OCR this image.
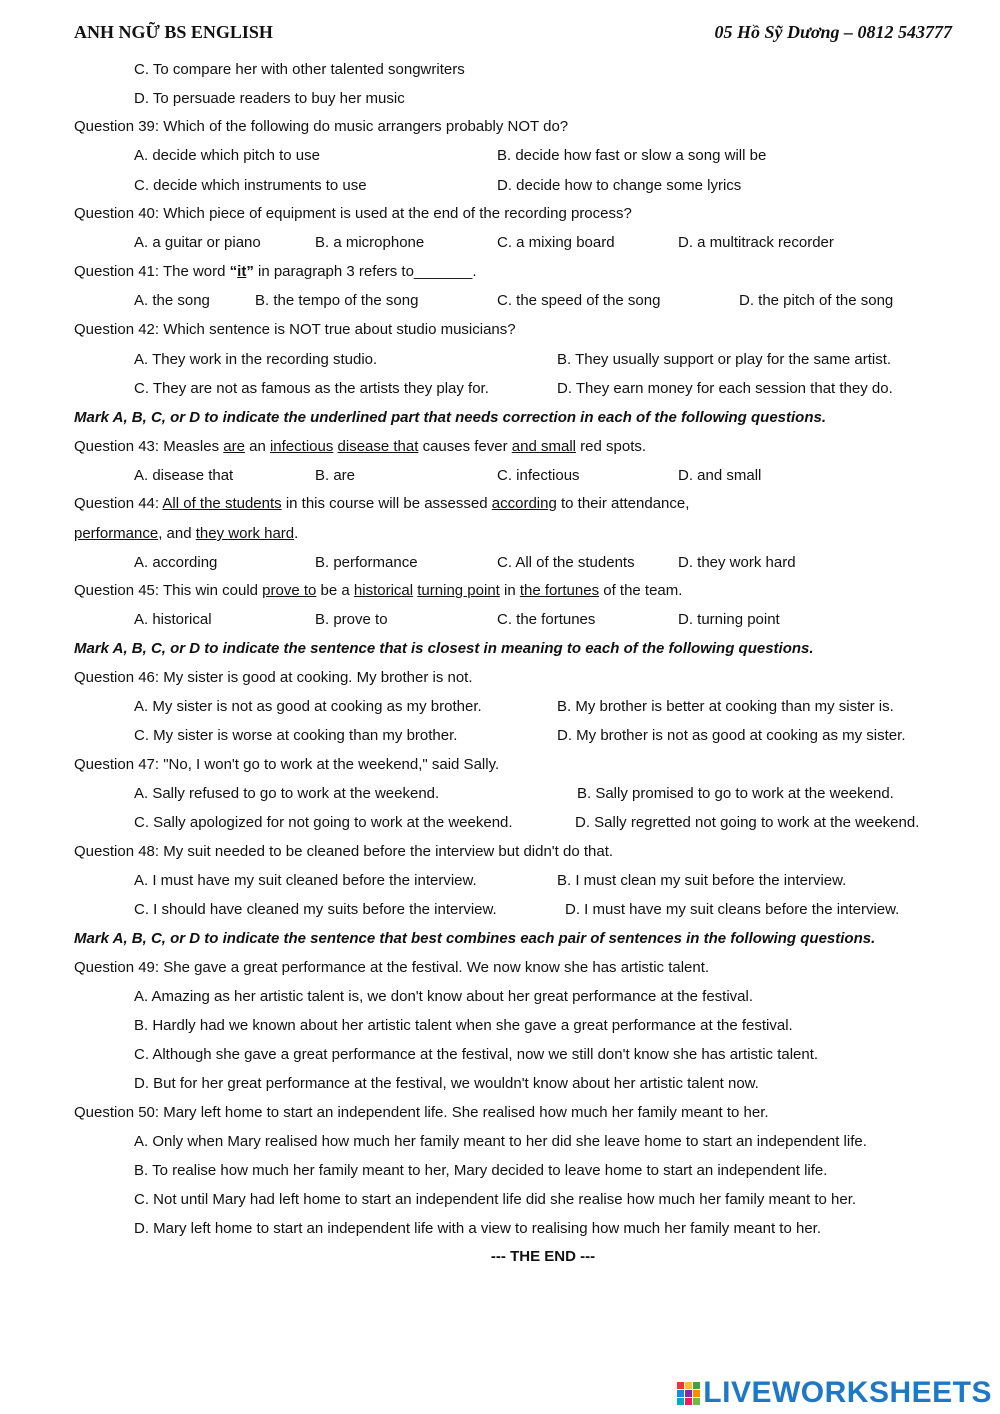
ANH NGỮ BS ENGLISH	05 Hồ Sỹ Dương – 0812 543777
C. To compare her with other talented songwriters
D. To persuade readers to buy her music
Question 39: Which of the following do music arrangers probably NOT do?
A. decide which pitch to use	B. decide how fast or slow a song will be
C. decide which instruments to use	D. decide how to change some lyrics
Question 40: Which piece of equipment is used at the end of the recording process?
A. a guitar or piano	B. a microphone	C. a mixing board	D. a multitrack recorder
Question 41: The word “it” in paragraph 3 refers to_______.
A. the song	B. the tempo of the song	C. the speed of the song	D. the pitch of the song
Question 42: Which sentence is NOT true about studio musicians?
A. They work in the recording studio.	B. They usually support or play for the same artist.
C. They are not as famous as the artists they play for.	D. They earn money for each session that they do.
Mark A, B, C, or D to indicate the underlined part that needs correction in each of the following questions.
Question 43: Measles are an infectious disease that causes fever and small red spots.
A. disease that	B. are	C. infectious	D. and small
Question 44: All of the students in this course will be assessed according to their attendance,
performance, and they work hard.
A. according	B. performance	C. All of the students	D. they work hard
Question 45: This win could prove to be a historical turning point in the fortunes of the team.
A. historical	B. prove to	C. the fortunes	D. turning point
Mark A, B, C, or D to indicate the sentence that is closest in meaning to each of the following questions.
Question 46: My sister is good at cooking. My brother is not.
A. My sister is not as good at cooking as my brother.	B. My brother is better at cooking than my sister is.
C. My sister is worse at cooking than my brother.	D. My brother is not as good at cooking as my sister.
Question 47: "No, I won't go to work at the weekend," said Sally.
A. Sally refused to go to work at the weekend.	B. Sally promised to go to work at the weekend.
C. Sally apologized for not going to work at the weekend.	D. Sally regretted not going to work at the weekend.
Question 48: My suit needed to be cleaned before the interview but didn't do that.
A. I must have my suit cleaned before the interview.	B. I must clean my suit before the interview.
C. I should have cleaned my suits before the interview.	D. I must have my suit cleans before the interview.
Mark A, B, C, or D to indicate the sentence that best combines each pair of sentences in the following questions.
Question 49: She gave a great performance at the festival. We now know she has artistic talent.
A. Amazing as her artistic talent is, we don't know about her great performance at the festival.
B. Hardly had we known about her artistic talent when she gave a great performance at the festival.
C. Although she gave a great performance at the festival, now we still don't know she has artistic talent.
D. But for her great performance at the festival, we wouldn't know about her artistic talent now.
Question 50: Mary left home to start an independent life. She realised how much her family meant to her.
A. Only when Mary realised how much her family meant to her did she leave home to start an independent life.
B. To realise how much her family meant to her, Mary decided to leave home to start an independent life.
C. Not until Mary had left home to start an independent life did she realise how much her family meant to her.
D. Mary left home to start an independent life with a view to realising how much her family meant to her.
--- THE END ---
LIVEWORKSHEETS
